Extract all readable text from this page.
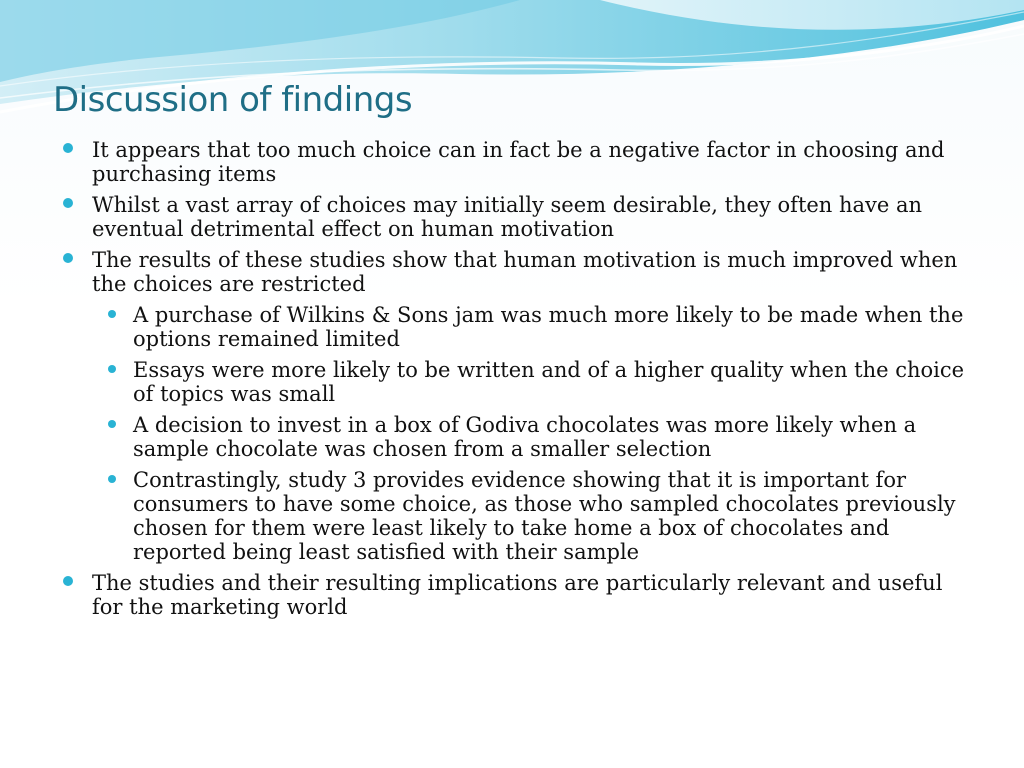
Discussion of findings
It appears that too much choice can in fact be a negative factor in choosing and purchasing items
Whilst a vast array of choices may initially seem desirable, they often have an eventual detrimental effect on human motivation
The results of these studies show that human motivation is much improved when the choices are restricted
A purchase of Wilkins & Sons jam was much more likely to be made when the options remained limited
Essays were more likely to be written and of a higher quality when the choice of topics was small
A decision to invest in a box of Godiva chocolates was more likely when a sample chocolate was chosen from a smaller selection
Contrastingly, study 3 provides evidence showing that it is important for consumers to have some choice, as those who sampled chocolates previously chosen for them were least likely to take home a box of chocolates and reported being least satisfied with their sample
The studies and their resulting implications are particularly relevant and useful for the marketing world
